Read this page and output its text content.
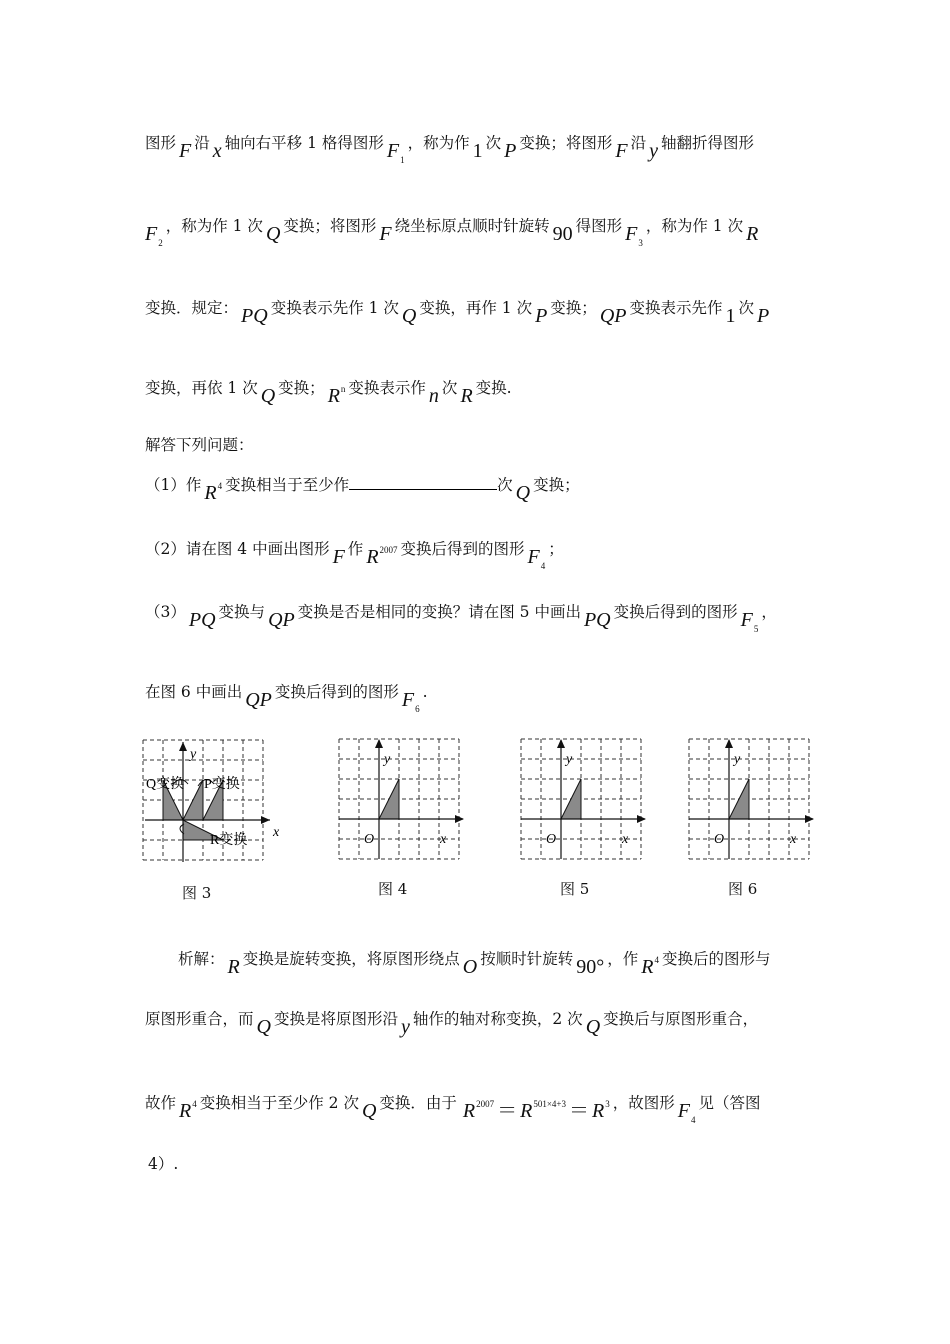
图形 F 沿 x 轴向右平移 1 格得图形 $F_1$，称为作 1 次 P 变换；将图形 F 沿 y 轴翻折得图形
$F_2$，称为作 1 次 Q 变换；将图形 F 绕坐标原点顺时针旋转 90 得图形 $F_3$，称为作 1 次 R
变换．规定： PQ 变换表示先作 1 次 Q 变换，再作 1 次 P 变换； QP 变换表示先作 1 次 P
变换，再依 1 次 Q 变换； $R^n$ 变换表示作 n 次 R 变换.
解答下列问题：
（1）作 $R^4$ 变换相当于至少作	次 Q 变换；
（2）请在图 4 中画出图形 F 作 $R^{2007}$ 变换后得到的图形 $F_4$；
（3） PQ 变换与 QP 变换是否是相同的变换？请在图 5 中画出 PQ 变换后得到的图形 $F_5$，
在图 6 中画出 QP 变换后得到的图形 $F_6$.
y
x
Q变换 P变换
R变换
图 3
y
x
O
图 4
y
x
O
图 5
y
x
O
图 6
析解： R 变换是旋转变换，将原图形绕点 O 按顺时针旋转 90° ，作 $R^4$ 变换后的图形与
原图形重合，而 Q 变换是将原图形沿 y 轴作的轴对称变换，2 次 Q 变换后与原图形重合，
故作 $R^4$ 变换相当于至少作 2 次 Q 变换．由于 $R^{2007} = R^{501\times 4+3} = R^3$ ，故图形 $F_4$见（答图
4）.
